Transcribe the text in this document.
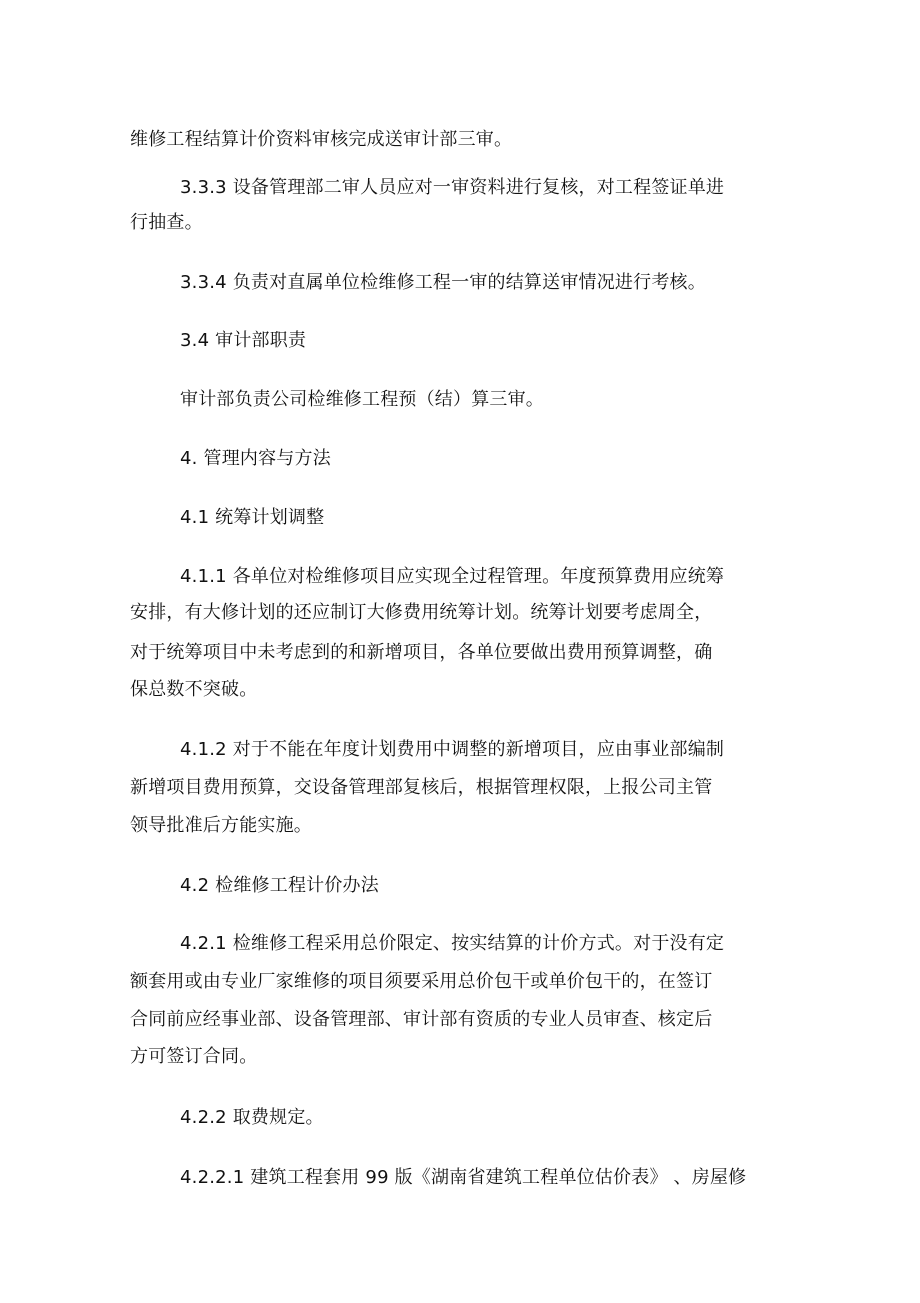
维修工程结算计价资料审核完成送审计部三审。
3.3.3 设备管理部二审人员应对一审资料进行复核，对工程签证单进
行抽查。
3.3.4 负责对直属单位检维修工程一审的结算送审情况进行考核。
3.4 审计部职责
审计部负责公司检维修工程预（结）算三审。
4. 管理内容与方法
4.1 统筹计划调整
4.1.1 各单位对检维修项目应实现全过程管理。年度预算费用应统筹
安排，有大修计划的还应制订大修费用统筹计划。统筹计划要考虑周全，
对于统筹项目中未考虑到的和新增项目，各单位要做出费用预算调整，确
保总数不突破。
4.1.2 对于不能在年度计划费用中调整的新增项目，应由事业部编制
新增项目费用预算，交设备管理部复核后，根据管理权限，上报公司主管
领导批准后方能实施。
4.2 检维修工程计价办法
4.2.1 检维修工程采用总价限定、按实结算的计价方式。对于没有定
额套用或由专业厂家维修的项目须要采用总价包干或单价包干的，在签订
合同前应经事业部、设备管理部、审计部有资质的专业人员审查、核定后
方可签订合同。
4.2.2 取费规定。
4.2.2.1 建筑工程套用 99 版《湖南省建筑工程单位估价表》 、房屋修
